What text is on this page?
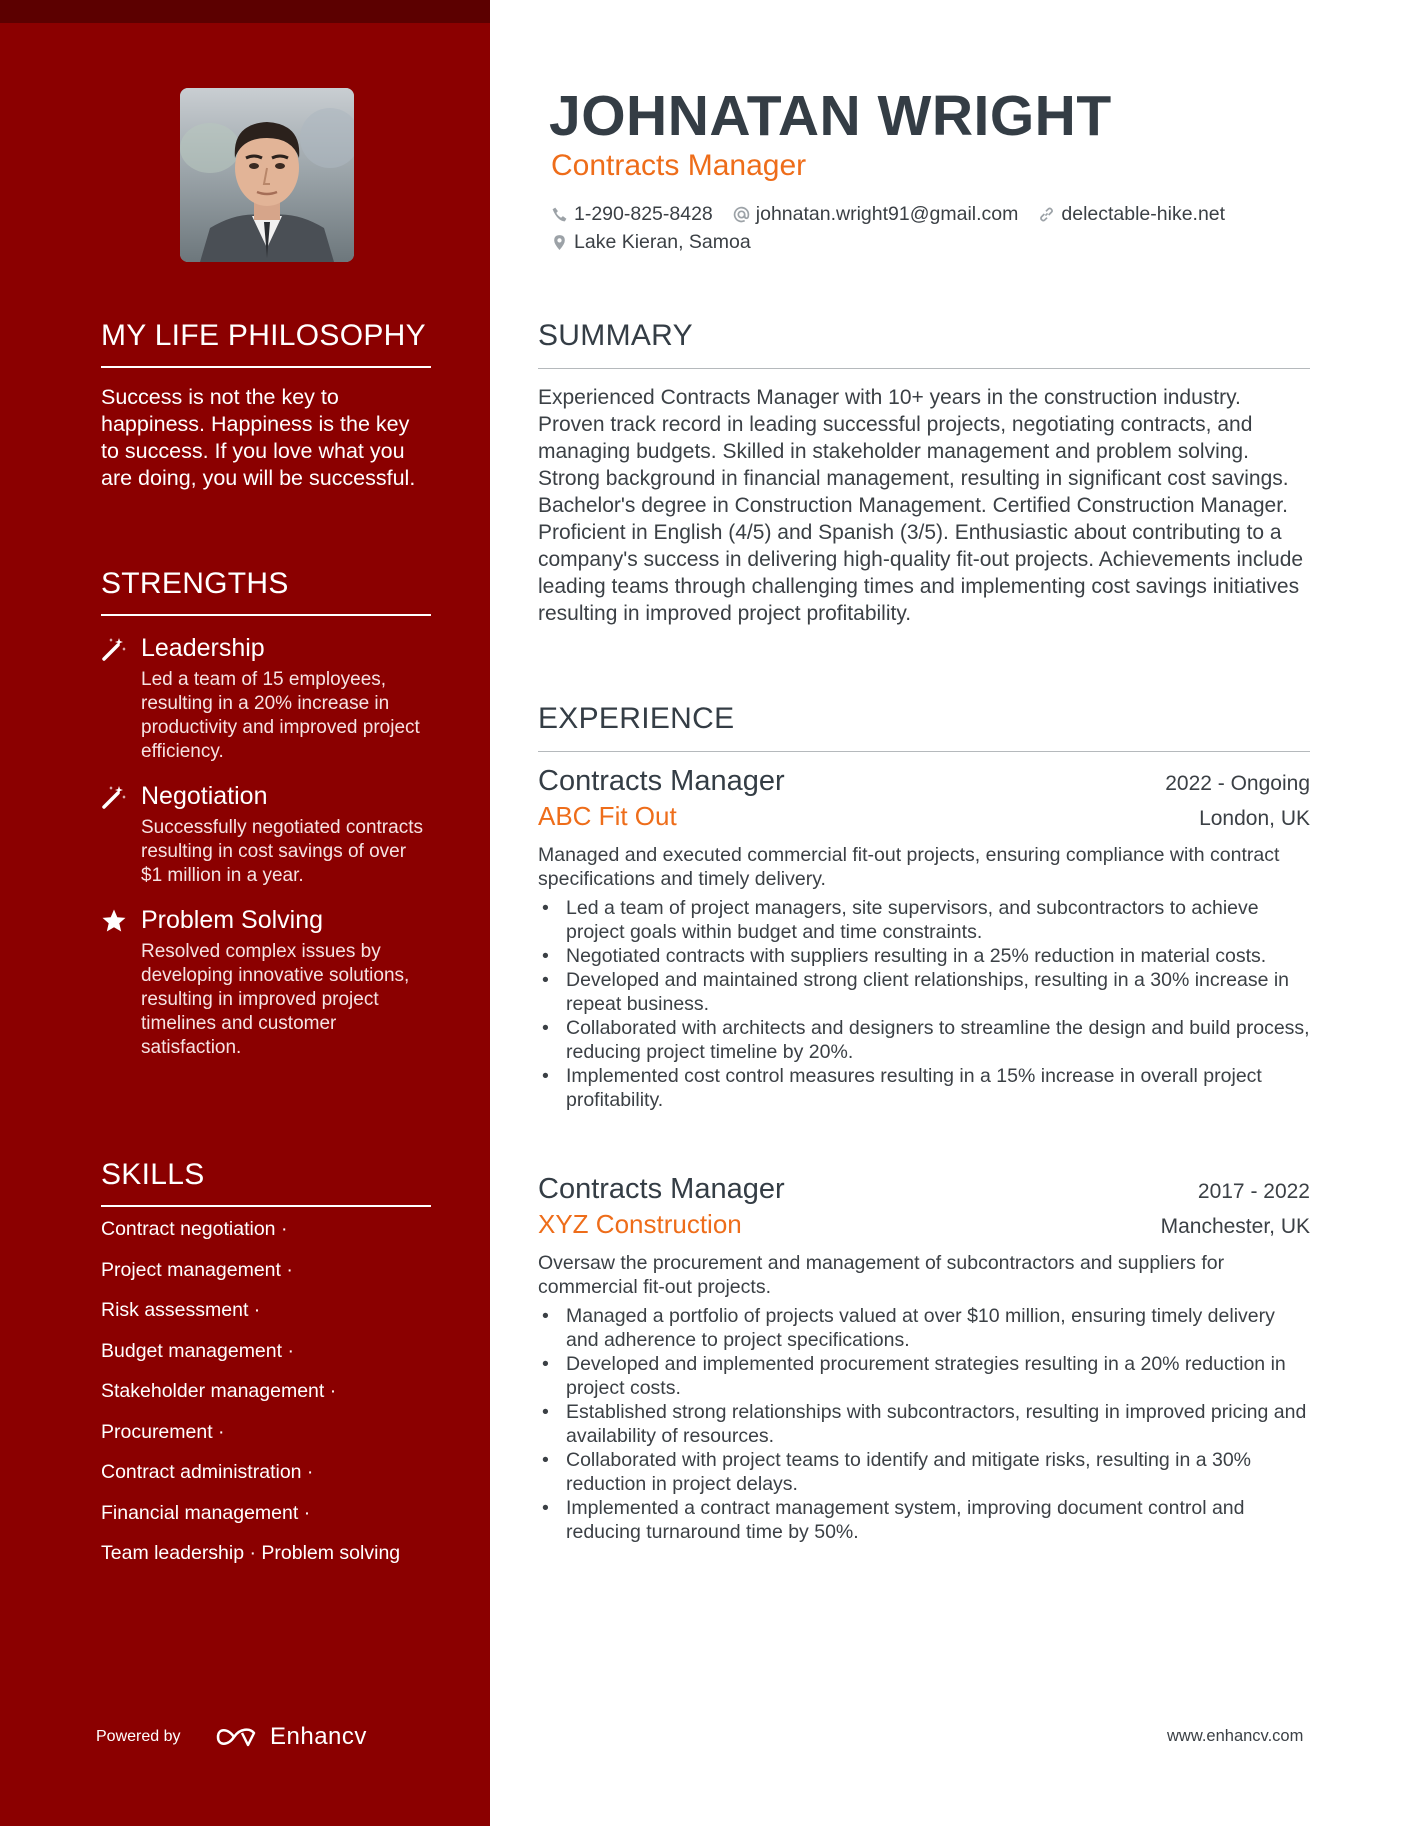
MY LIFE PHILOSOPHY

Success is not the key to happiness. Happiness is the key to success. If you love what you are doing, you will be successful.

STRENGTHS
Leadership
Led a team of 15 employees, resulting in a 20% increase in productivity and improved project efficiency.
Negotiation
Successfully negotiated contracts resulting in cost savings of over $1 million in a year.
Problem Solving
Resolved complex issues by developing innovative solutions, resulting in improved project timelines and customer satisfaction.
SKILLS
Contract negotiation ·
Project management ·
Risk assessment ·
Budget management ·
Stakeholder management ·
Procurement ·
Contract administration ·
Financial management ·
Team leadership · Problem solving
Powered by	Enhancv
JOHNATAN WRIGHT
Contracts Manager
1-290-825-8428 johnatan.wright91@gmail.com delectable-hike.net
Lake Kieran, Samoa
SUMMARY

Experienced Contracts Manager with 10+ years in the construction industry. Proven track record in leading successful projects, negotiating contracts, and managing budgets. Skilled in stakeholder management and problem solving. Strong background in financial management, resulting in significant cost savings. Bachelor's degree in Construction Management. Certified Construction Manager. Proficient in English (4/5) and Spanish (3/5). Enthusiastic about contributing to a company's success in delivering high-quality fit-out projects. Achievements include leading teams through challenging times and implementing cost savings initiatives resulting in improved project profitability.

EXPERIENCE
Contracts Manager	2022 - Ongoing
ABC Fit Out	London, UK

Managed and executed commercial fit-out projects, ensuring compliance with contract specifications and timely delivery.

• Led a team of project managers, site supervisors, and subcontractors to achieve project goals within budget and time constraints.
• Negotiated contracts with suppliers resulting in a 25% reduction in material costs.
• Developed and maintained strong client relationships, resulting in a 30% increase in repeat business.
• Collaborated with architects and designers to streamline the design and build process, reducing project timeline by 20%.
• Implemented cost control measures resulting in a 15% increase in overall project profitability.
Contracts Manager	2017 - 2022
XYZ Construction	Manchester, UK

Oversaw the procurement and management of subcontractors and suppliers for commercial fit-out projects.

• Managed a portfolio of projects valued at over $10 million, ensuring timely delivery and adherence to project specifications.
• Developed and implemented procurement strategies resulting in a 20% reduction in project costs.
• Established strong relationships with subcontractors, resulting in improved pricing and availability of resources.
• Collaborated with project teams to identify and mitigate risks, resulting in a 30% reduction in project delays.
• Implemented a contract management system, improving document control and reducing turnaround time by 50%.
www.enhancv.com
